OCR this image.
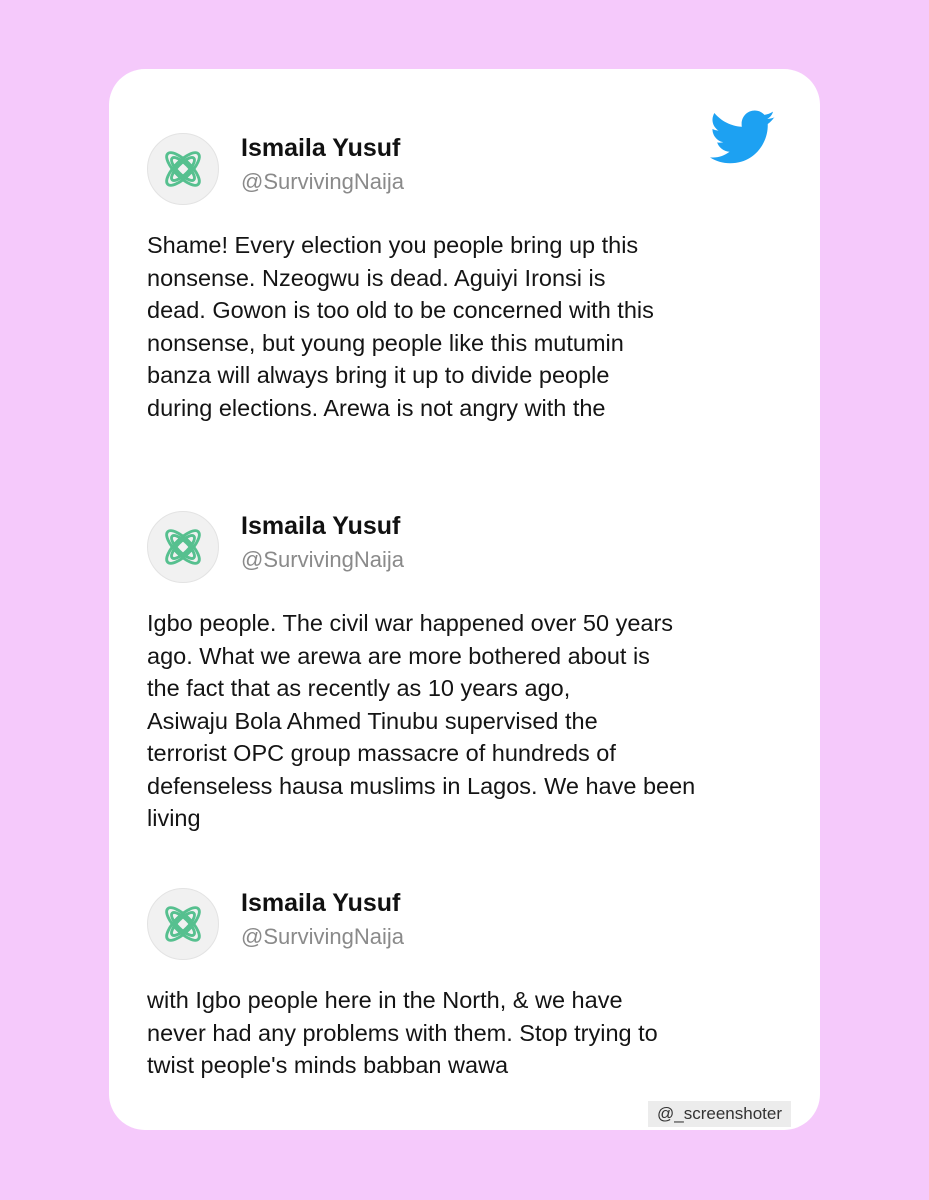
Ismaila Yusuf
@SurvivingNaija
Shame! Every election you people bring up this
nonsense. Nzeogwu is dead. Aguiyi Ironsi is
dead. Gowon is too old to be concerned with this
nonsense, but young people like this mutumin
banza will always bring it up to divide people
during elections. Arewa is not angry with the
Ismaila Yusuf
@SurvivingNaija
Igbo people. The civil war happened over 50 years
ago. What we arewa are more bothered about is
the fact that as recently as 10 years ago,
Asiwaju Bola Ahmed Tinubu supervised the
terrorist OPC group massacre of hundreds of
defenseless hausa muslims in Lagos. We have been
living
Ismaila Yusuf
@SurvivingNaija
with Igbo people here in the North, & we have
never had any problems with them. Stop trying to
twist people's minds babban wawa
@_screenshoter
